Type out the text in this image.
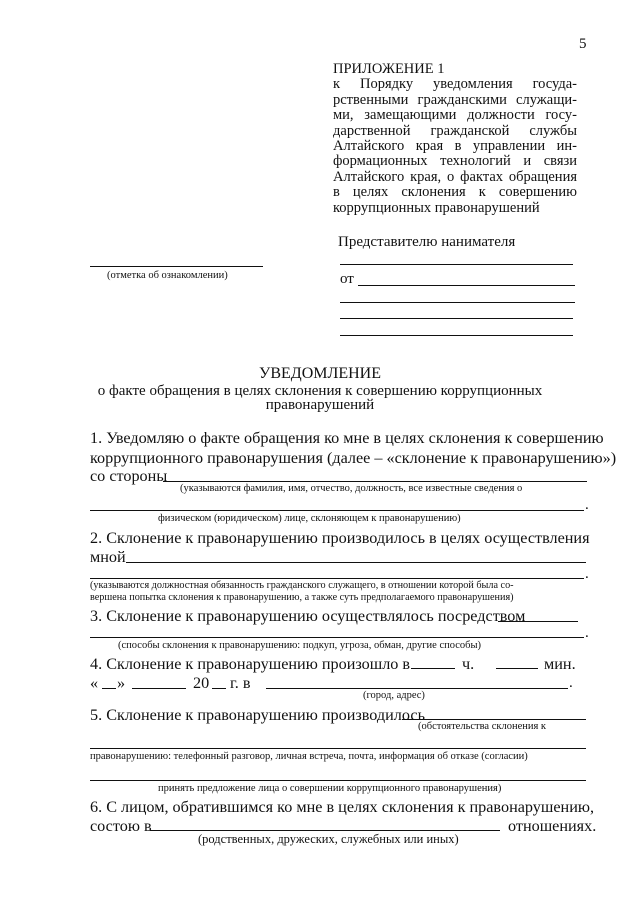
5
ПРИЛОЖЕНИЕ 1
к Порядку уведомления госуда-
рственными гражданскими служащи-
ми, замещающими должности госу-
дарственной гражданской службы
Алтайского края в управлении ин-
формационных технологий и связи
Алтайского края, о фактах обращения
в целях склонения к совершению
коррупционных правонарушений
Представителю нанимателя
от
(отметка об ознакомлении)
УВЕДОМЛЕНИЕ
о факте обращения в целях склонения к совершению коррупционных
правонарушений
1. Уведомляю о факте обращения ко мне в целях склонения к совершению
коррупционного правонарушения (далее – «склонение к правонарушению»)
со стороны
(указываются фамилия, имя, отчество, должность, все известные сведения о
.
физическом (юридическом) лице, склоняющем к правонарушению)
2. Склонение к правонарушению производилось в целях осуществления
мной
.
(указываются должностная обязанность гражданского служащего, в отношении которой была со-
вершена попытка склонения к правонарушению, а также суть предполагаемого правонарушения)
3. Склонение к правонарушению осуществлялось посредством
.
(способы склонения к правонарушению: подкуп, угроза, обман, другие способы)
4. Склонение к правонарушению произошло в	ч.	мин.
« »	20 г. в	.
(город, адрес)
5. Склонение к правонарушению производилось
(обстоятельства склонения к
правонарушению: телефонный разговор, личная встреча, почта, информация об отказе (согласии)
принять предложение лица о совершении коррупционного правонарушения)
6. С лицом, обратившимся ко мне в целях склонения к правонарушению,
состою в	отношениях.
(родственных, дружеских, служебных или иных)
